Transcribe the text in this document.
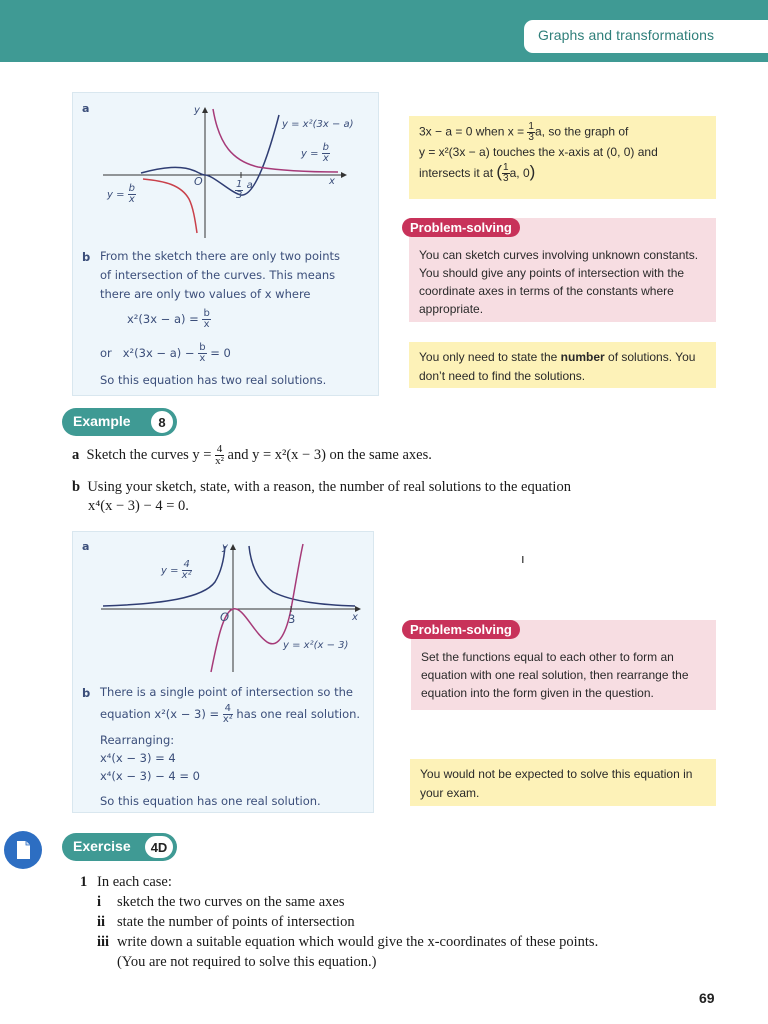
Graphs and transformations
a	y
x
O
y = x²(3x − a)
$y = \frac{b}{x}$
$y = \frac{b}{x}$	$\frac{1}{3}$ a
b From the sketch there are only two points
of intersection of the curves. This means
there are only two values of x where
$x^2(3x - a) = \frac{b}{x}$
or $x^2(3x - a) - \frac{b}{x} = 0$
So this equation has two real solutions.
3x − a = 0 when $x = \frac{1}{3} a$, so the graph of
y = x²(3x − a) touches the x-axis at (0, 0) and
intersects it at ( $\frac{1}{3} a$, 0)
You can sketch curves involving unknown constants. You should give any points of intersection with the coordinate axes in terms of the constants where appropriate.
Problem-solving
You only need to state the number of solutions. You don’t need to find the solutions.
Example	8
a Sketch the curves $y = \frac{4}{\text{x²}}$ and y = x²(x − 3) on the same axes.
b Using your sketch, state, with a reason, the number of real solutions to the equation
x⁴(x − 3) − 4 = 0.
a	y
x
O	3
$y = \frac{4}{\text{x²}}$
y = x²(x − 3)
b There is a single point of intersection so the
equation $x^2(x - 3) = \frac{4}{\text{x²}}$ has one real solution.
Rearranging:
x⁴(x − 3) = 4
x⁴(x − 3) − 4 = 0
So this equation has one real solution.
ı
Set the functions equal to each other to form an equation with one real solution, then rearrange the equation into the form given in the question.
Problem-solving
You would not be expected to solve this equation in your exam.
Exercise	4D
1 In each case:
i sketch the two curves on the same axes
ii state the number of points of intersection
iii write down a suitable equation which would give the x-coordinates of these points.
(You are not required to solve this equation.)
69
